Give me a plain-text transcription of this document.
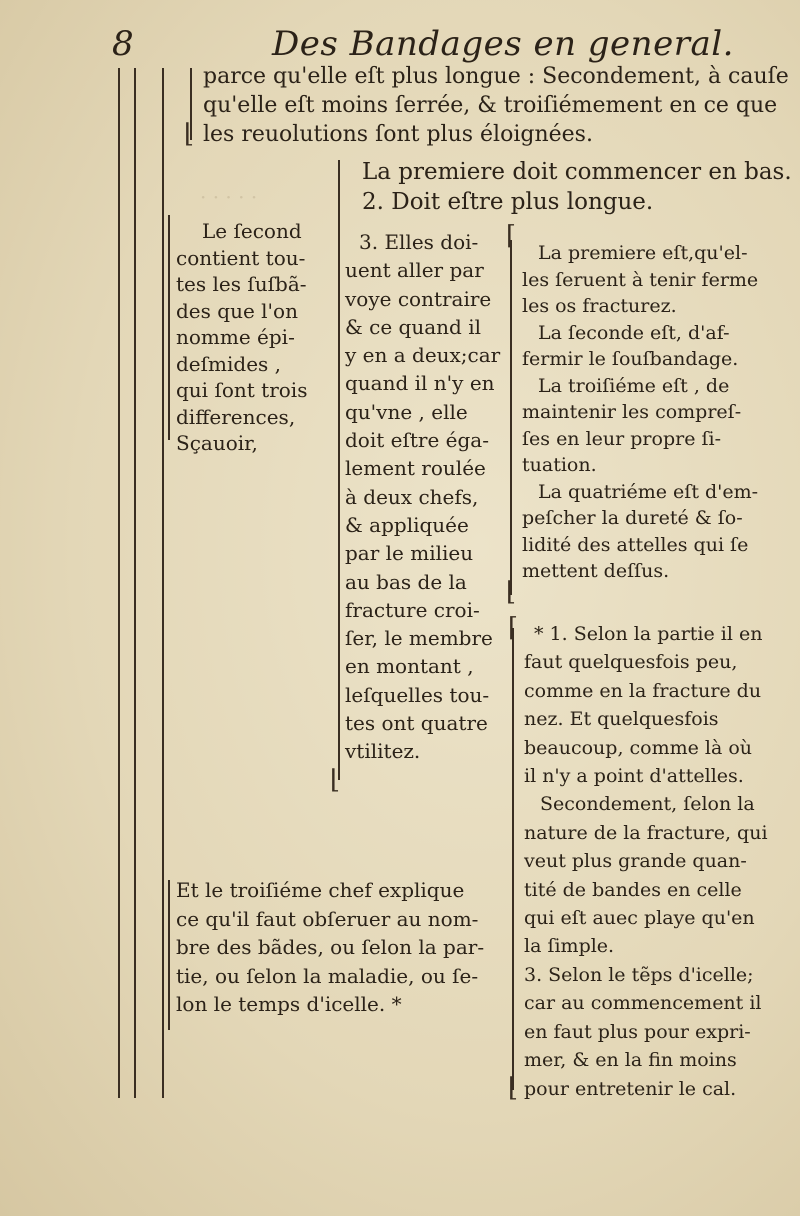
· · · · ·
8	Des Bandages en general.
⌊
⌈
⌊
⌈
⌊
⌊
parce qu'elle eſt plus longue : Secondement, à cauſe
qu'elle eſt moins ſerrée, & troiſiémement en ce que
les reuolutions ſont plus éloignées.
La premiere doit commencer en bas.
2. Doit eſtre plus longue.
Le ſecond
contient tou-
tes les ſuſbã-
des que l'on
nomme épi-
deſmides ,
qui ſont trois
differences,
Sçauoir,
3. Elles doi-
uent aller par
voye contraire
& ce quand il
y en a deux;car
quand il n'y en
qu'vne , elle
doit eſtre éga-
lement roulée
à deux chefs,
& appliquée
par le milieu
au bas de la
fracture croi-
ſer, le membre
en montant ,
leſquelles tou-
tes ont quatre
vtilitez.
La premiere eſt,qu'el-
les ſeruent à tenir ferme
les os fracturez.
La ſeconde eſt, d'af-
fermir le ſouſbandage.
La troiſiéme eſt , de
maintenir les compreſ-
ſes en leur propre ſi-
tuation.
La quatriéme eſt d'em-
peſcher la dureté & ſo-
lidité des attelles qui ſe
mettent deſſus.
Et le troiſiéme chef explique
ce qu'il faut obſeruer au nom-
bre des bãdes, ou ſelon la par-
tie, ou ſelon la maladie, ou ſe-
lon le temps d'icelle. *
* 1. Selon la partie il en
faut quelquesfois peu,
comme en la fracture du
nez. Et quelquesfois
beaucoup, comme là où
il n'y a point d'attelles.
Secondement, ſelon la
nature de la fracture, qui
veut plus grande quan-
tité de bandes en celle
qui eſt auec playe qu'en
la ſimple.
3. Selon le tẽps d'icelle;
car au commencement il
en faut plus pour expri-
mer, & en la fin moins
pour entretenir le cal.
